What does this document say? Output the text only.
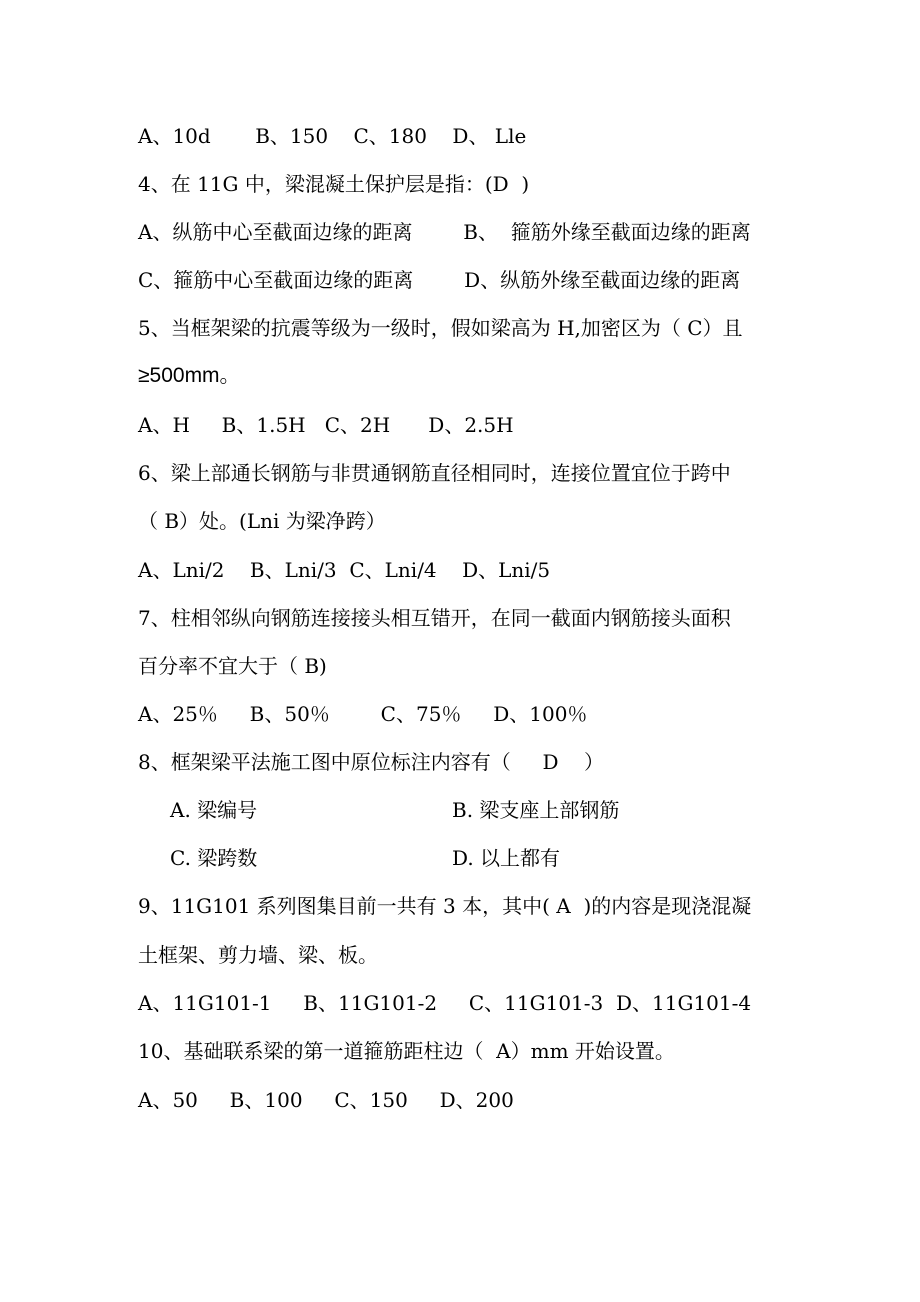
A、10d       B、150    C、180    D、 Lle
4、在 11G 中，梁混凝土保护层是指：(D  )
A、纵筋中心至截面边缘的距离        B、  箍筋外缘至截面边缘的距离
C、箍筋中心至截面边缘的距离        D、纵筋外缘至截面边缘的距离
5、当框架梁的抗震等级为一级时，假如梁高为 H,加密区为（ C）且
≥500mm。
A、H     B、1.5H   C、2H      D、2.5H
6、梁上部通长钢筋与非贯通钢筋直径相同时，连接位置宜位于跨中
（ B）处。(Lni 为梁净跨）
A、Lni/2    B、Lni/3  C、Lni/4    D、Lni/5
7、柱相邻纵向钢筋连接接头相互错开，在同一截面内钢筋接头面积
百分率不宜大于（ B)
A、25％     B、50％        C、75％     D、100％
8、框架梁平法施工图中原位标注内容有（     D    ）
A. 梁编号	B. 梁支座上部钢筋
C. 梁跨数	D. 以上都有
9、11G101 系列图集目前一共有 3 本，其中( A  )的内容是现浇混凝
土框架、剪力墙、梁、板。
A、11G101-1     B、11G101-2     C、11G101-3  D、11G101-4
10、基础联系梁的第一道箍筋距柱边（  A）mm 开始设置。
A、50     B、100     C、150     D、200
